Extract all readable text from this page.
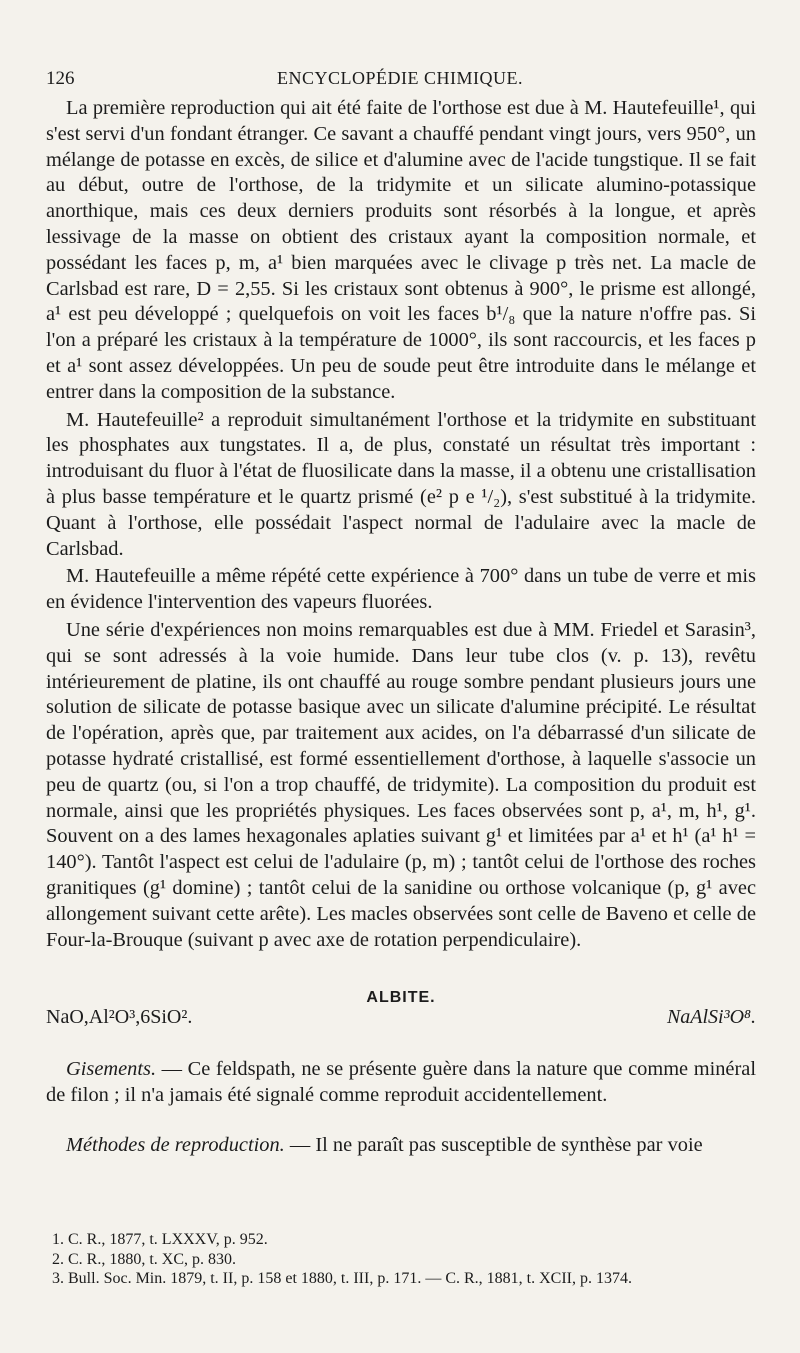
126	ENCYCLOPÉDIE CHIMIQUE.

La première reproduction qui ait été faite de l'orthose est due à M. Hautefeuille¹, qui s'est servi d'un fondant étranger. Ce savant a chauffé pendant vingt jours, vers 950°, un mélange de potasse en excès, de silice et d'alumine avec de l'acide tungstique. Il se fait au début, outre de l'orthose, de la tridymite et un silicate alumino-potassique anorthique, mais ces deux derniers produits sont résorbés à la longue, et après lessivage de la masse on obtient des cristaux ayant la composition normale, et possédant les faces p, m, a¹ bien marquées avec le clivage p très net. La macle de Carlsbad est rare, D = 2,55. Si les cristaux sont obtenus à 900°, le prisme est allongé, a¹ est peu développé ; quelquefois on voit les faces b¹/₈ que la nature n'offre pas. Si l'on a préparé les cristaux à la température de 1000°, ils sont raccourcis, et les faces p et a¹ sont assez développées. Un peu de soude peut être introduite dans le mélange et entrer dans la composition de la substance.

M. Hautefeuille² a reproduit simultanément l'orthose et la tridymite en substituant les phosphates aux tungstates. Il a, de plus, constaté un résultat très important : introduisant du fluor à l'état de fluosilicate dans la masse, il a obtenu une cristallisation à plus basse température et le quartz prismé (e² p e ¹/₂), s'est substitué à la tridymite. Quant à l'orthose, elle possédait l'aspect normal de l'adulaire avec la macle de Carlsbad.

M. Hautefeuille a même répété cette expérience à 700° dans un tube de verre et mis en évidence l'intervention des vapeurs fluorées.

Une série d'expériences non moins remarquables est due à MM. Friedel et Sarasin³, qui se sont adressés à la voie humide. Dans leur tube clos (v. p. 13), revêtu intérieurement de platine, ils ont chauffé au rouge sombre pendant plusieurs jours une solution de silicate de potasse basique avec un silicate d'alumine précipité. Le résultat de l'opération, après que, par traitement aux acides, on l'a débarrassé d'un silicate de potasse hydraté cristallisé, est formé essentiellement d'orthose, à laquelle s'associe un peu de quartz (ou, si l'on a trop chauffé, de tridymite). La composition du produit est normale, ainsi que les propriétés physiques. Les faces observées sont p, a¹, m, h¹, g¹. Souvent on a des lames hexagonales aplaties suivant g¹ et limitées par a¹ et h¹ (a¹ h¹ = 140°). Tantôt l'aspect est celui de l'adulaire (p, m) ; tantôt celui de l'orthose des roches granitiques (g¹ domine) ; tantôt celui de la sanidine ou orthose volcanique (p, g¹ avec allongement suivant cette arête). Les macles observées sont celle de Baveno et celle de Four-la-Brouque (suivant p avec axe de rotation perpendiculaire).

ALBITE.
NaO,Al²O³,6SiO².	NaAlSi³O⁸.

Gisements. — Ce feldspath, ne se présente guère dans la nature que comme minéral de filon ; il n'a jamais été signalé comme reproduit accidentellement.

Méthodes de reproduction. — Il ne paraît pas susceptible de synthèse par voie

1. C. R., 1877, t. LXXXV, p. 952.
2. C. R., 1880, t. XC, p. 830.
3. Bull. Soc. Min. 1879, t. II, p. 158 et 1880, t. III, p. 171. — C. R., 1881, t. XCII, p. 1374.
